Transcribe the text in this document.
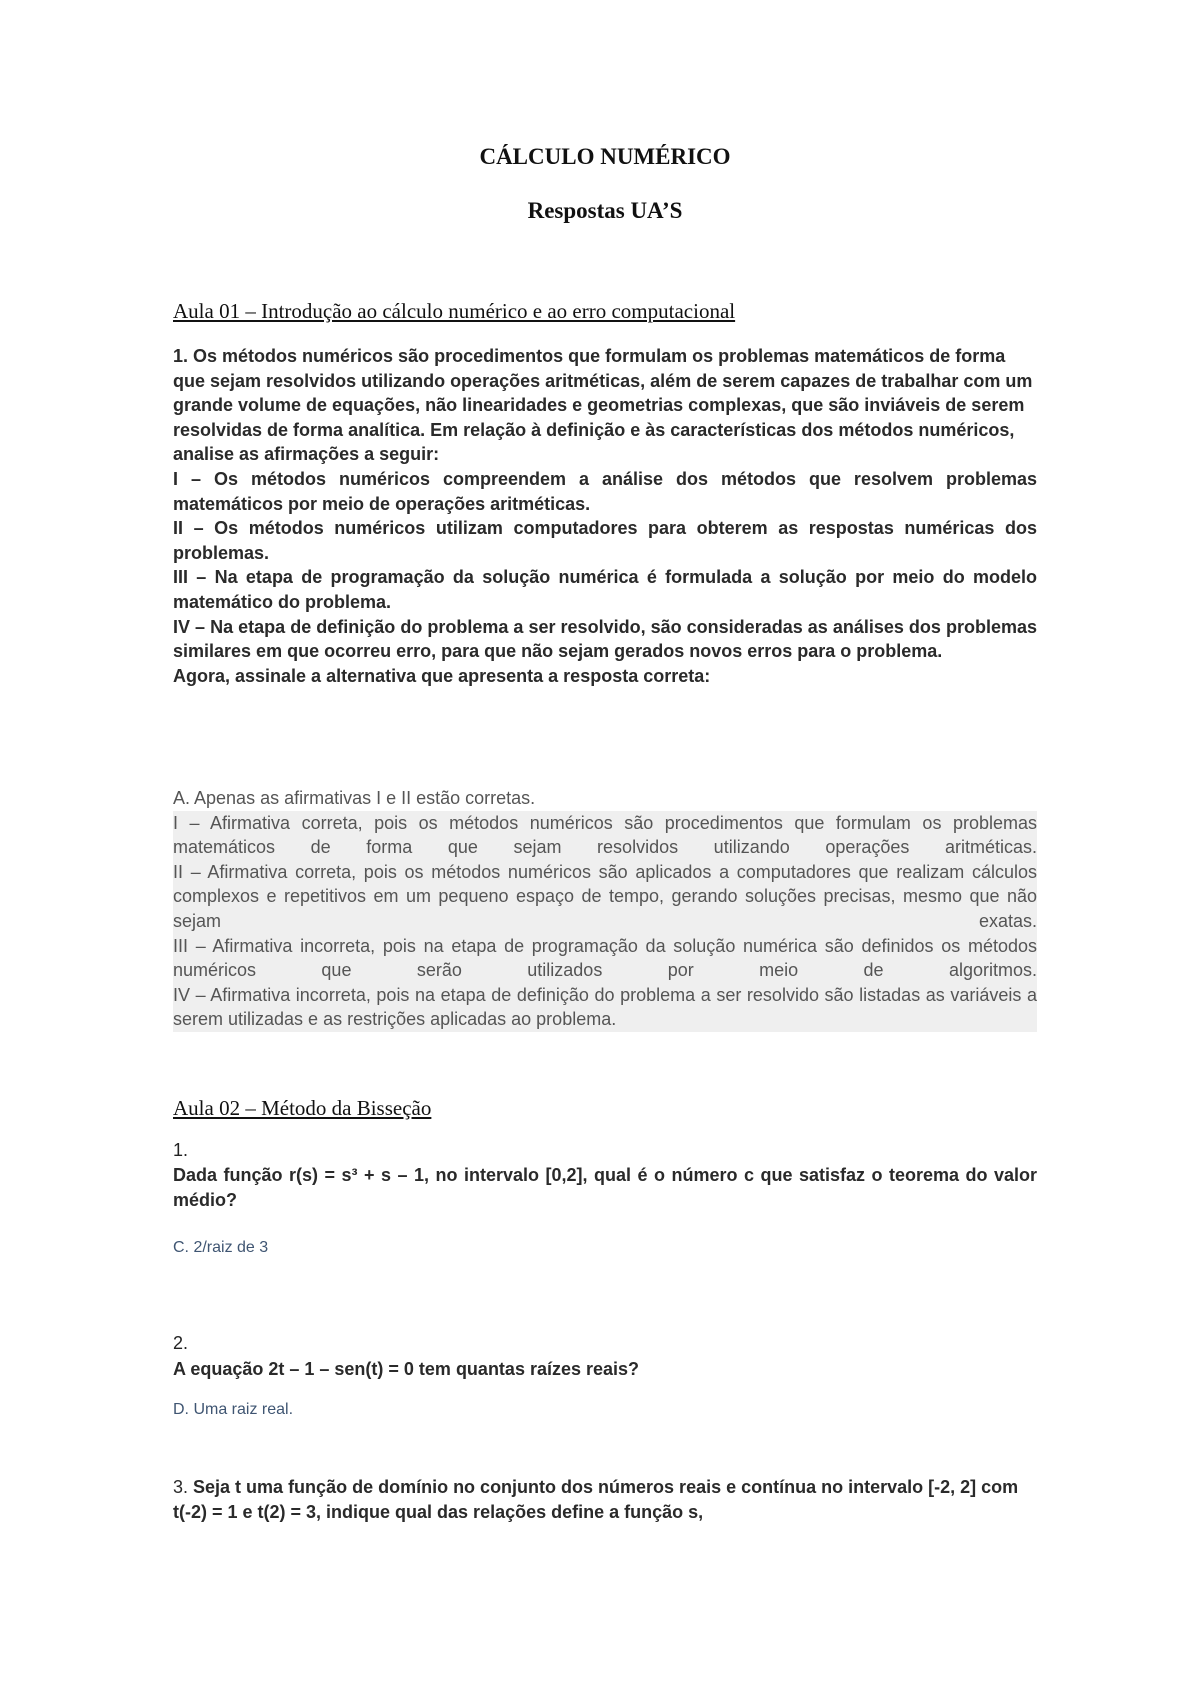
CÁLCULO NUMÉRICO
Respostas UA’S
Aula 01 – Introdução ao cálculo numérico e ao erro computacional

1. Os métodos numéricos são procedimentos que formulam os problemas matemáticos de forma que sejam resolvidos utilizando operações aritméticas, além de serem capazes de trabalhar com um grande volume de equações, não linearidades e geometrias complexas, que são inviáveis de serem resolvidas de forma analítica. Em relação à definição e às características dos métodos numéricos, analise as afirmações a seguir:

I – Os métodos numéricos compreendem a análise dos métodos que resolvem problemas matemáticos por meio de operações aritméticas.

II – Os métodos numéricos utilizam computadores para obterem as respostas numéricas dos problemas.

III – Na etapa de programação da solução numérica é formulada a solução por meio do modelo matemático do problema.

IV – Na etapa de definição do problema a ser resolvido, são consideradas as análises dos problemas similares em que ocorreu erro, para que não sejam gerados novos erros para o problema.

Agora, assinale a alternativa que apresenta a resposta correta:

A. Apenas as afirmativas I e II estão corretas.

I – Afirmativa correta, pois os métodos numéricos são procedimentos que formulam os problemas matemáticos de forma que sejam resolvidos utilizando operações aritméticas.

II – Afirmativa correta, pois os métodos numéricos são aplicados a computadores que realizam cálculos complexos e repetitivos em um pequeno espaço de tempo, gerando soluções precisas, mesmo que não sejam exatas.

III – Afirmativa incorreta, pois na etapa de programação da solução numérica são definidos os métodos numéricos que serão utilizados por meio de algoritmos.

IV – Afirmativa incorreta, pois na etapa de definição do problema a ser resolvido são listadas as variáveis a serem utilizadas e as restrições aplicadas ao problema.

Aula 02 – Método da Bisseção
1.

Dada função r(s) = s³ + s – 1, no intervalo [0,2], qual é o número c que satisfaz o teorema do valor médio?

C. 2/raiz de 3
2.

A equação 2t – 1 – sen(t) = 0 tem quantas raízes reais?

D. Uma raiz real.

3. Seja t uma função de domínio no conjunto dos números reais e contínua no intervalo [-2, 2] com t(-2) = 1 e t(2) = 3, indique qual das relações define a função s,
